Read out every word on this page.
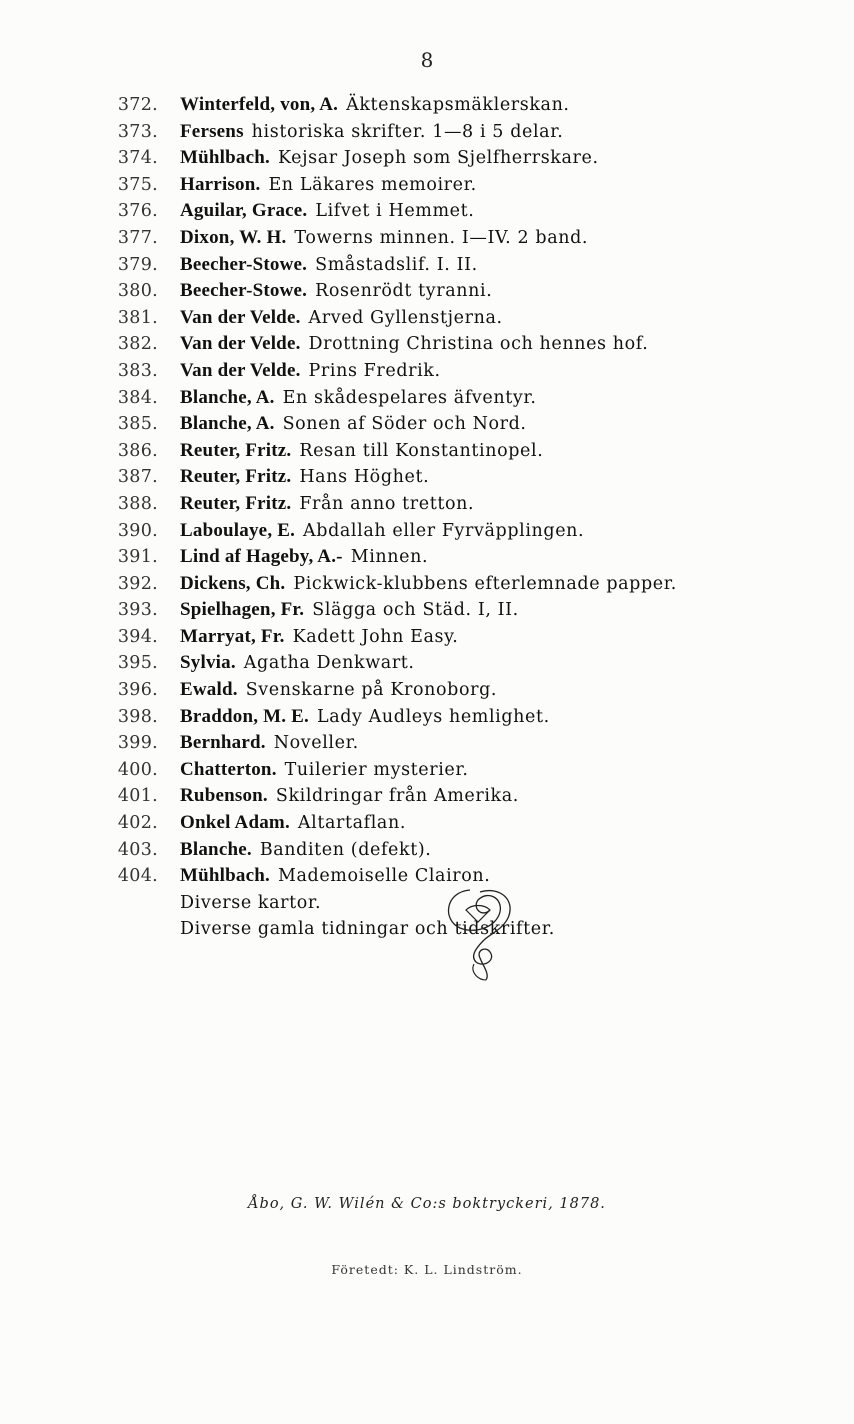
8
372.	Winterfeld, von, A. Äktenskapsmäklerskan.
373.	Fersens historiska skrifter. 1—8 i 5 delar.
374.	Mühlbach. Kejsar Joseph som Sjelfherrskare.
375.	Harrison. En Läkares memoirer.
376.	Aguilar, Grace. Lifvet i Hemmet.
377.	Dixon, W. H. Towerns minnen. I—IV. 2 band.
379.	Beecher-Stowe. Småstadslif. I. II.
380.	Beecher-Stowe. Rosenrödt tyranni.
381.	Van der Velde. Arved Gyllenstjerna.
382.	Van der Velde. Drottning Christina och hennes hof.
383.	Van der Velde. Prins Fredrik.
384.	Blanche, A. En skådespelares äfventyr.
385.	Blanche, A. Sonen af Söder och Nord.
386.	Reuter, Fritz. Resan till Konstantinopel.
387.	Reuter, Fritz. Hans Höghet.
388.	Reuter, Fritz. Från anno tretton.
390.	Laboulaye, E. Abdallah eller Fyrväpplingen.
391.	Lind af Hageby, A.- Minnen.
392.	Dickens, Ch. Pickwick-klubbens efterlemnade papper.
393.	Spielhagen, Fr. Slägga och Städ. I, II.
394.	Marryat, Fr. Kadett John Easy.
395.	Sylvia. Agatha Denkwart.
396.	Ewald. Svenskarne på Kronoborg.
398.	Braddon, M. E. Lady Audleys hemlighet.
399.	Bernhard. Noveller.
400.	Chatterton. Tuilerier mysterier.
401.	Rubenson. Skildringar från Amerika.
402.	Onkel Adam. Altartaflan.
403.	Blanche. Banditen (defekt).
404.	Mühlbach. Mademoiselle Clairon.
Diverse kartor.
Diverse gamla tidningar och tidskrifter.
Åbo, G. W. Wilén & Co:s boktryckeri, 1878.
Företedt: K. L. Lindström.
